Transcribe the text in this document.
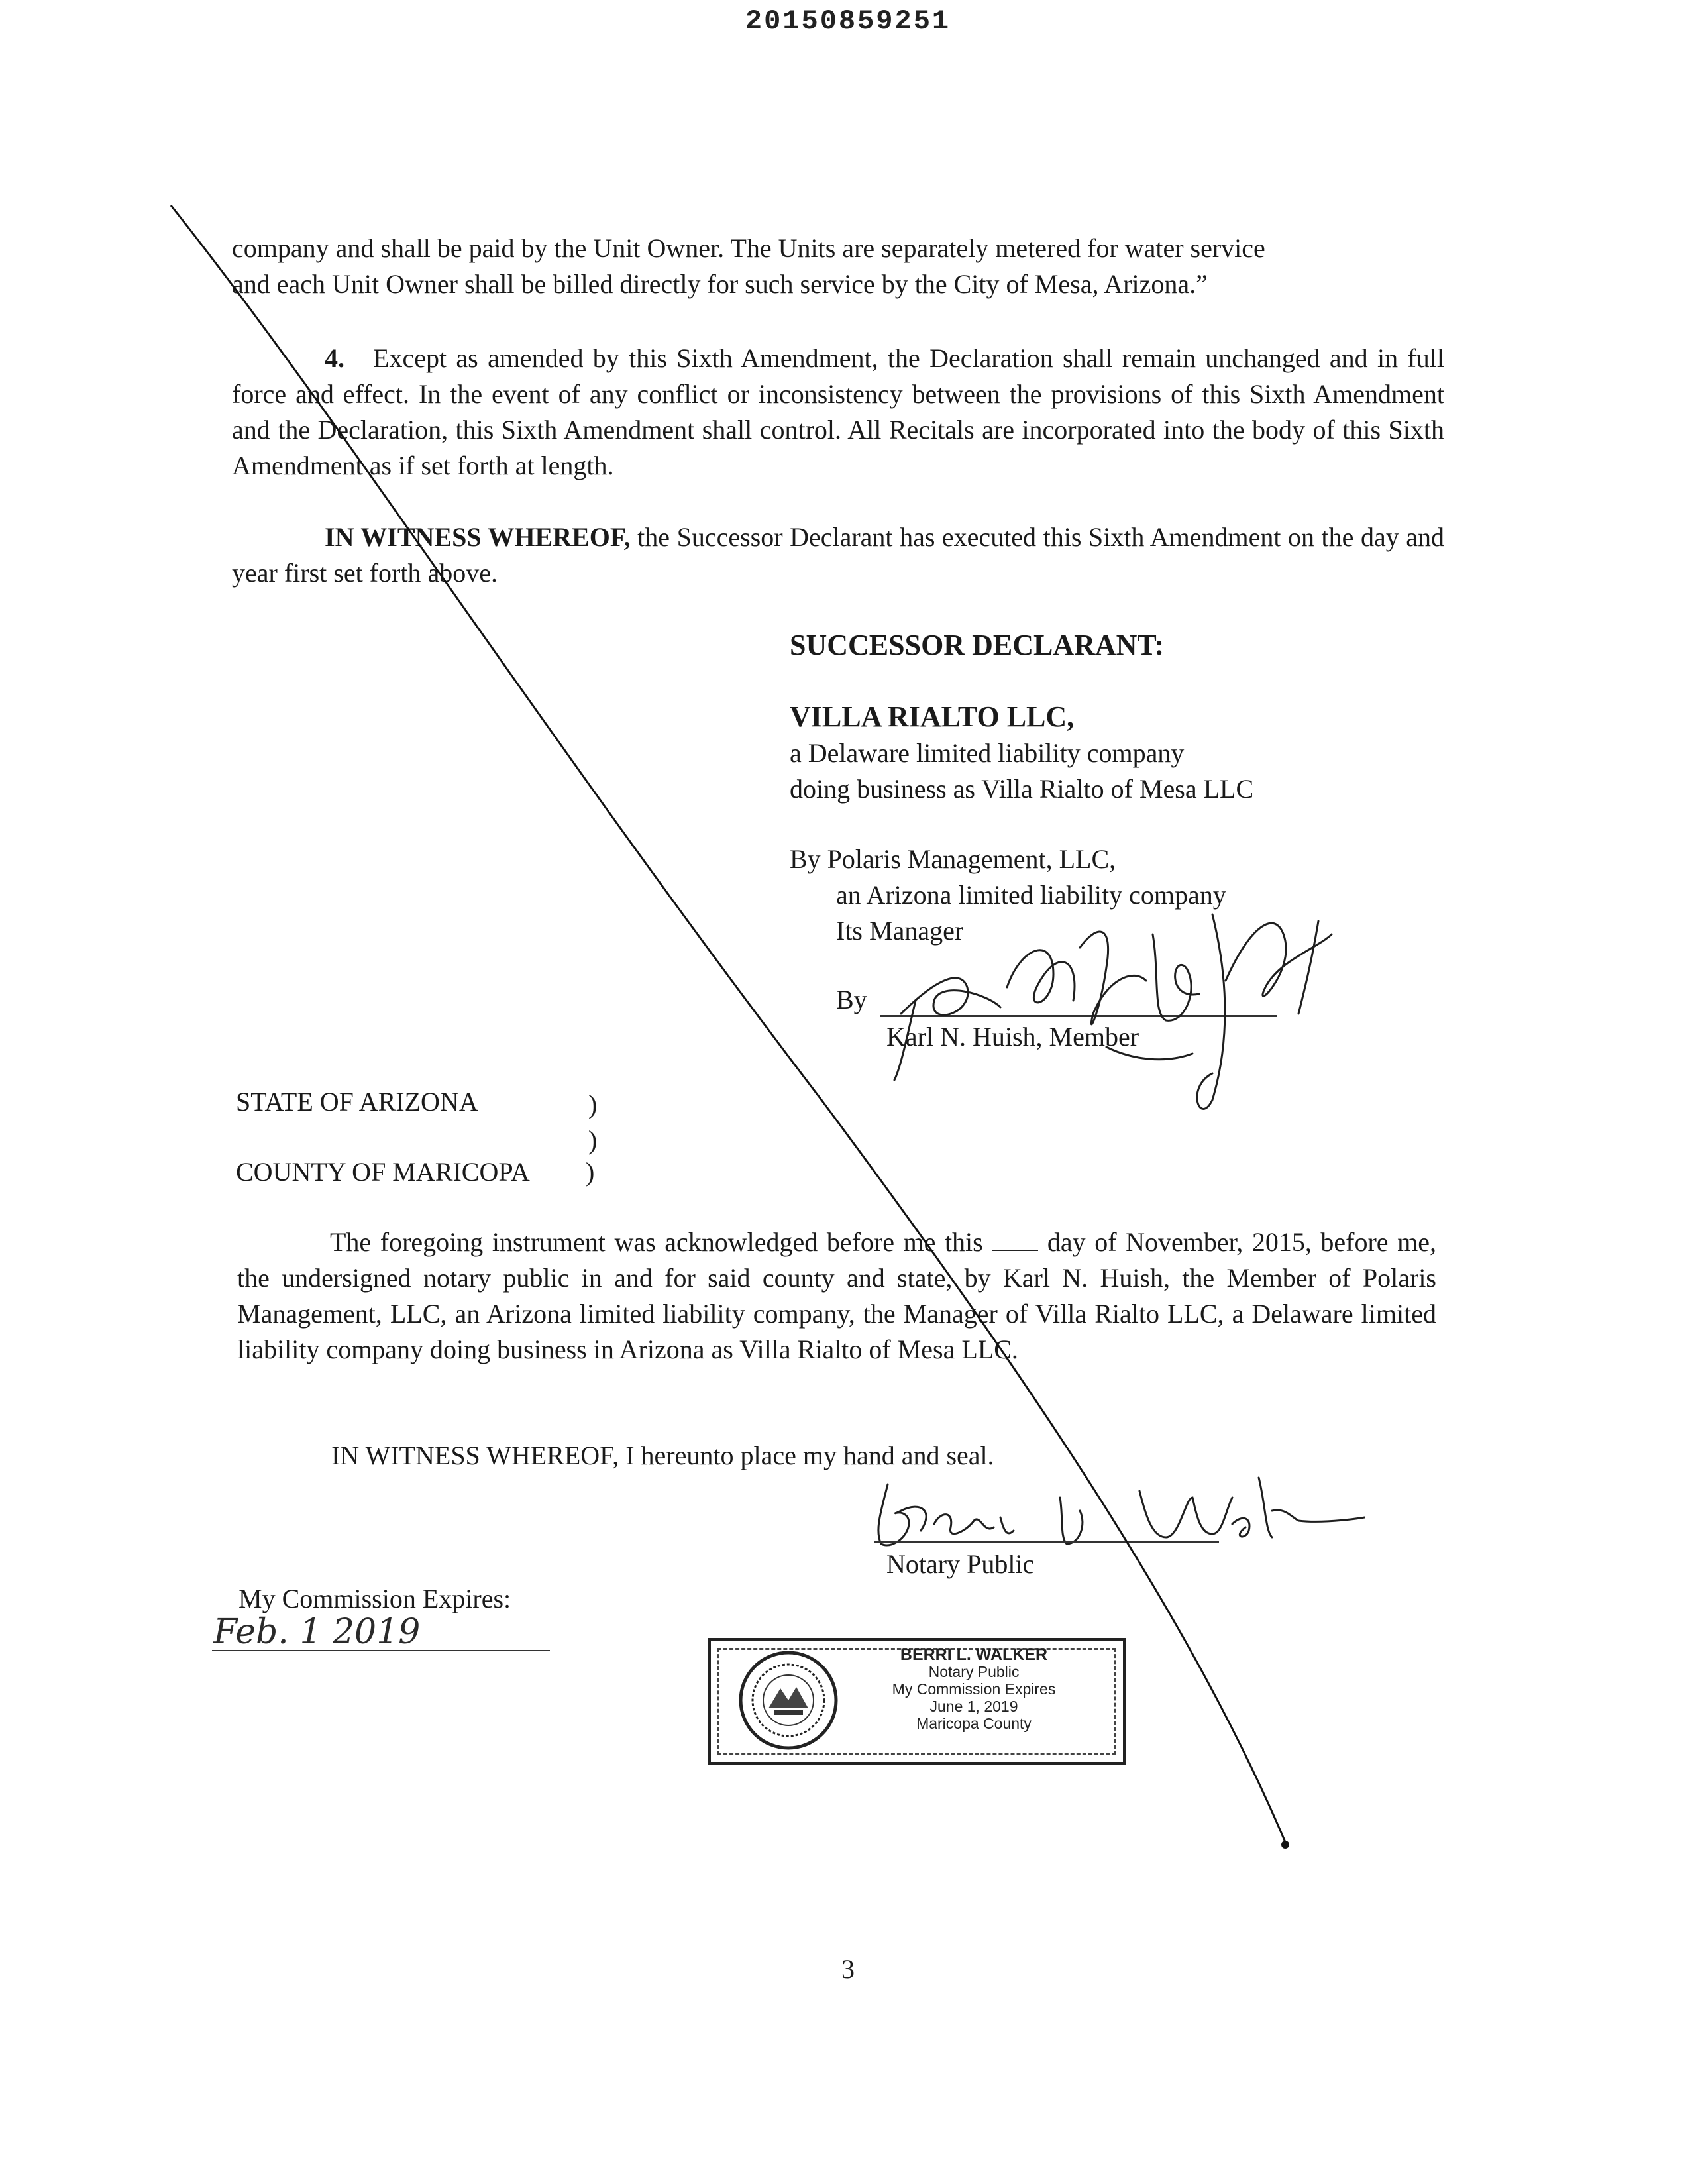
20150859251
company and shall be paid by the Unit Owner. The Units are separately metered for water service
and each Unit Owner shall be billed directly for such service by the City of Mesa, Arizona.”
4. Except as amended by this Sixth Amendment, the Declaration shall remain unchanged and in full force and effect. In the event of any conflict or inconsistency between the provisions of this Sixth Amendment and the Declaration, this Sixth Amendment shall control. All Recitals are incorporated into the body of this Sixth Amendment as if set forth at length.
IN WITNESS WHEREOF, the Successor Declarant has executed this Sixth Amendment on the day and year first set forth above.
SUCCESSOR DECLARANT:
VILLA RIALTO LLC,
a Delaware limited liability company
doing business as Villa Rialto of Mesa LLC
By Polaris Management, LLC,
an Arizona limited liability company
Its Manager
By
Karl N. Huish, Member
STATE OF ARIZONA	)
)
COUNTY OF MARICOPA )
The foregoing instrument was acknowledged before me this day of November, 2015, before me, the undersigned notary public in and for said county and state, by Karl N. Huish, the Member of Polaris Management, LLC, an Arizona limited liability company, the Manager of Villa Rialto LLC, a Delaware limited liability company doing business in Arizona as Villa Rialto of Mesa LLC.
IN WITNESS WHEREOF, I hereunto place my hand and seal.
Notary Public
My Commission Expires:
Feb. 1 2019
BERRI L. WALKER
Notary Public
My Commission Expires
June 1, 2019
Maricopa County
3
